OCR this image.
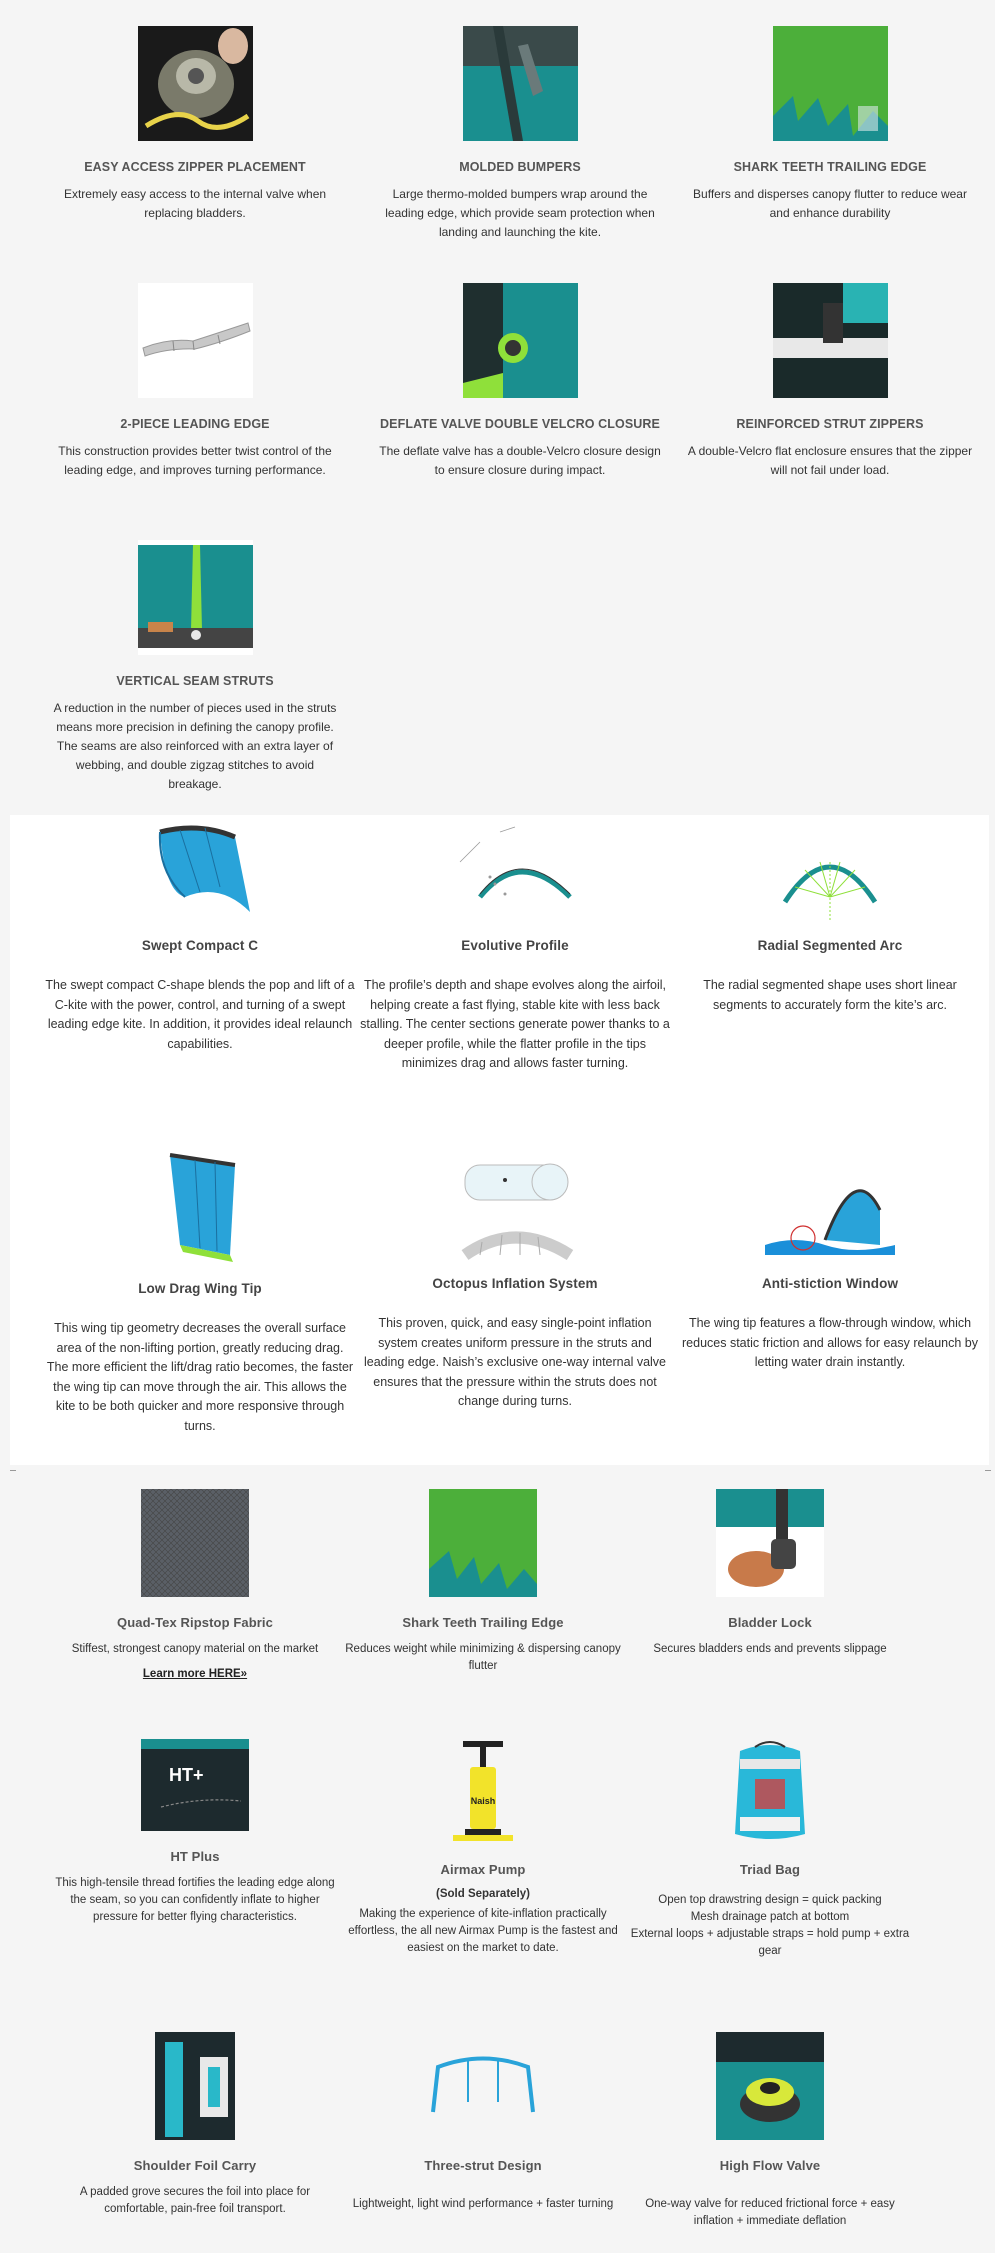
EASY ACCESS ZIPPER PLACEMENT

Extremely easy access to the internal valve when replacing bladders.

MOLDED BUMPERS

Large thermo-molded bumpers wrap around the leading edge, which provide seam protection when landing and launching the kite.

SHARK TEETH TRAILING EDGE

Buffers and disperses canopy flutter to reduce wear and enhance durability

2-PIECE LEADING EDGE

This construction provides better twist control of the leading edge, and improves turning performance.

DEFLATE VALVE DOUBLE VELCRO CLOSURE

The deflate valve has a double-Velcro closure design to ensure closure during impact.

REINFORCED STRUT ZIPPERS

A double-Velcro flat enclosure ensures that the zipper will not fail under load.

VERTICAL SEAM STRUTS

A reduction in the number of pieces used in the struts means more precision in defining the canopy profile. The seams are also reinforced with an extra layer of webbing, and double zigzag stitches to avoid breakage.

Swept Compact C

The swept compact C-shape blends the pop and lift of a C-kite with the power, control, and turning of a swept leading edge kite. In addition, it provides ideal relaunch capabilities.

Evolutive Profile

The profile’s depth and shape evolves along the airfoil, helping create a fast flying, stable kite with less back stalling. The center sections generate power thanks to a deeper profile, while the flatter profile in the tips minimizes drag and allows faster turning.

Radial Segmented Arc

The radial segmented shape uses short linear segments to accurately form the kite’s arc.

Low Drag Wing Tip

This wing tip geometry decreases the overall surface area of the non-lifting portion, greatly reducing drag. The more efficient the lift/drag ratio becomes, the faster the wing tip can move through the air. This allows the kite to be both quicker and more responsive through turns.

Octopus Inflation System

This proven, quick, and easy single-point inflation system creates uniform pressure in the struts and leading edge. Naish’s exclusive one-way internal valve ensures that the pressure within the struts does not change during turns.

Anti-stiction Window

The wing tip features a flow-through window, which reduces static friction and allows for easy relaunch by letting water drain instantly.

Quad-Tex Ripstop Fabric

Stiffest, strongest canopy material on the market

Learn more HERE»
Shark Teeth Trailing Edge

Reduces weight while minimizing & dispersing canopy flutter

Bladder Lock

Secures bladders ends and prevents slippage

HT+
HT Plus

This high-tensile thread fortifies the leading edge along the seam, so you can confidently inflate to higher pressure for better flying characteristics.

Naish
Airmax Pump
(Sold Separately)

Making the experience of kite-inflation practically effortless, the all new Airmax Pump is the fastest and easiest on the market to date.

Triad Bag

Open top drawstring design = quick packing
Mesh drainage patch at bottom
External loops + adjustable straps = hold pump + extra gear

Shoulder Foil Carry

A padded grove secures the foil into place for comfortable, pain-free foil transport.

Three-strut Design

Lightweight, light wind performance + faster turning

High Flow Valve

One-way valve for reduced frictional force + easy inflation + immediate deflation
